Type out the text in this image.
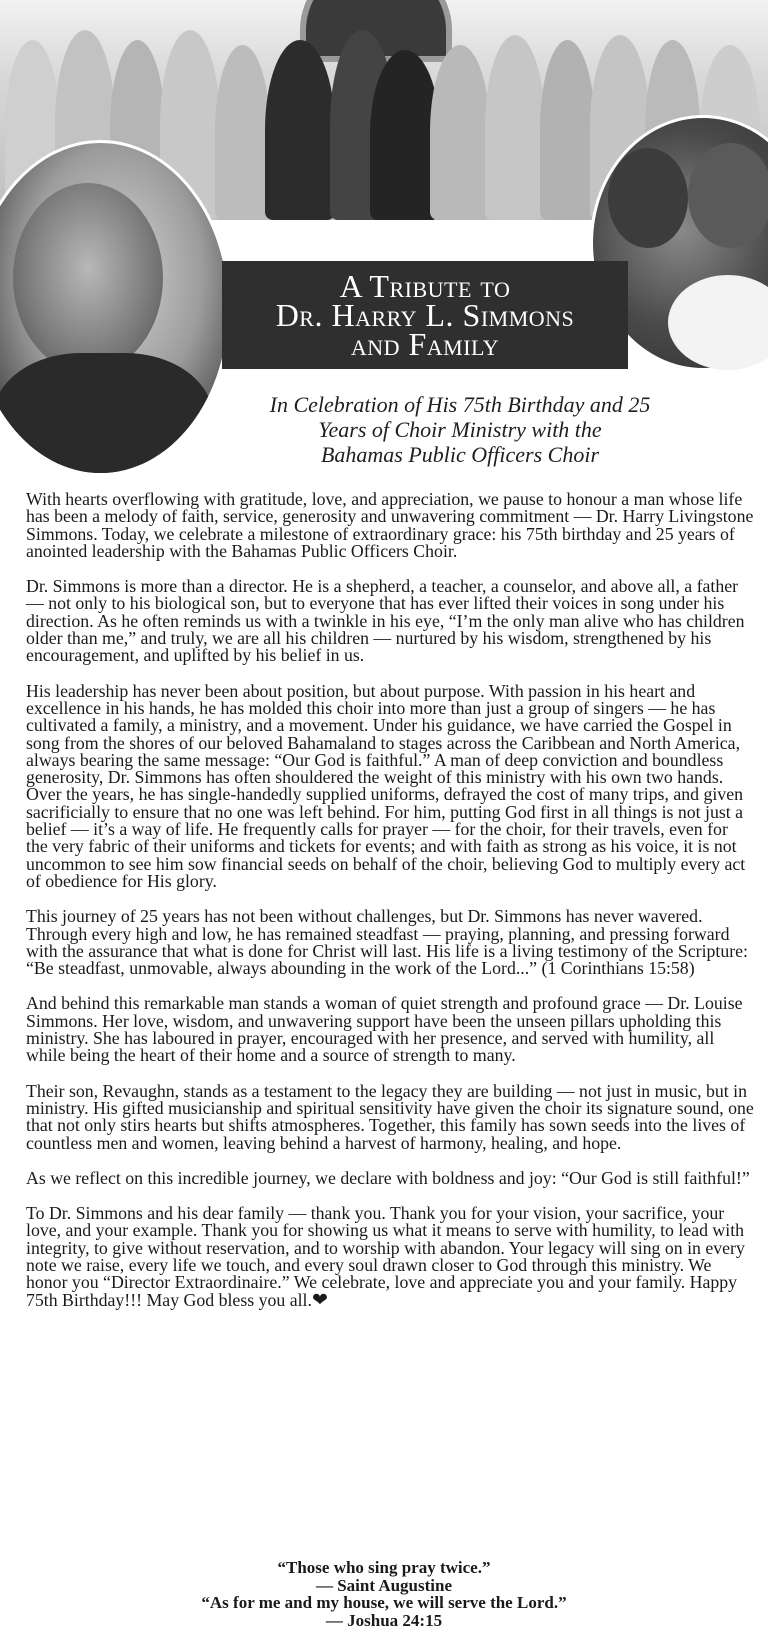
A Tribute to
Dr. Harry L. Simmons
and Family
In Celebration of His 75th Birthday and 25
Years of Choir Ministry with the
Bahamas Public Officers Choir

With hearts overflowing with gratitude, love, and appreciation, we pause to honour a man whose life has been a melody of faith, service, generosity and unwavering commitment — Dr. Harry Livingstone Simmons. Today, we celebrate a milestone of extraordinary grace: his 75th birthday and 25 years of anointed leadership with the Bahamas Public Officers Choir.

Dr. Simmons is more than a director. He is a shepherd, a teacher, a counselor, and above all, a father — not only to his biological son, but to everyone that has ever lifted their voices in song under his direction. As he often reminds us with a twinkle in his eye, “I’m the only man alive who has children older than me,” and truly, we are all his children — nurtured by his wisdom, strengthened by his encouragement, and uplifted by his belief in us.

His leadership has never been about position, but about purpose. With passion in his heart and excellence in his hands, he has molded this choir into more than just a group of singers — he has cultivated a family, a ministry, and a movement. Under his guidance, we have carried the Gospel in song from the shores of our beloved Bahamaland to stages across the Caribbean and North America, always bearing the same message: “Our God is faithful.” A man of deep conviction and boundless generosity, Dr. Simmons has often shouldered the weight of this ministry with his own two hands. Over the years, he has single-handedly supplied uniforms, defrayed the cost of many trips, and given sacrificially to ensure that no one was left behind. For him, putting God first in all things is not just a belief — it’s a way of life. He frequently calls for prayer — for the choir, for their travels, even for the very fabric of their uniforms and tickets for events; and with faith as strong as his voice, it is not uncommon to see him sow financial seeds on behalf of the choir, believing God to multiply every act of obedience for His glory.

This journey of 25 years has not been without challenges, but Dr. Simmons has never wavered. Through every high and low, he has remained steadfast — praying, planning, and pressing forward with the assurance that what is done for Christ will last. His life is a living testimony of the Scripture: “Be steadfast, unmovable, always abounding in the work of the Lord...” (1 Corinthians 15:58)

And behind this remarkable man stands a woman of quiet strength and profound grace — Dr. Louise Simmons. Her love, wisdom, and unwavering support have been the unseen pillars upholding this ministry. She has laboured in prayer, encouraged with her presence, and served with humility, all while being the heart of their home and a source of strength to many.

Their son, Revaughn, stands as a testament to the legacy they are building — not just in music, but in ministry. His gifted musicianship and spiritual sensitivity have given the choir its signature sound, one that not only stirs hearts but shifts atmospheres. Together, this family has sown seeds into the lives of countless men and women, leaving behind a harvest of harmony, healing, and hope.

As we reflect on this incredible journey, we declare with boldness and joy: “Our God is still faithful!”

To Dr. Simmons and his dear family — thank you. Thank you for your vision, your sacrifice, your love, and your example. Thank you for showing us what it means to serve with humility, to lead with integrity, to give without reservation, and to worship with abandon. Your legacy will sing on in every note we raise, every life we touch, and every soul drawn closer to God through this ministry. We honor you “Director Extraordinaire.” We celebrate, love and appreciate you and your family. Happy 75th Birthday!!! May God bless you all.❤

“Those who sing pray twice.”
— Saint Augustine
“As for me and my house, we will serve the Lord.”
— Joshua 24:15
